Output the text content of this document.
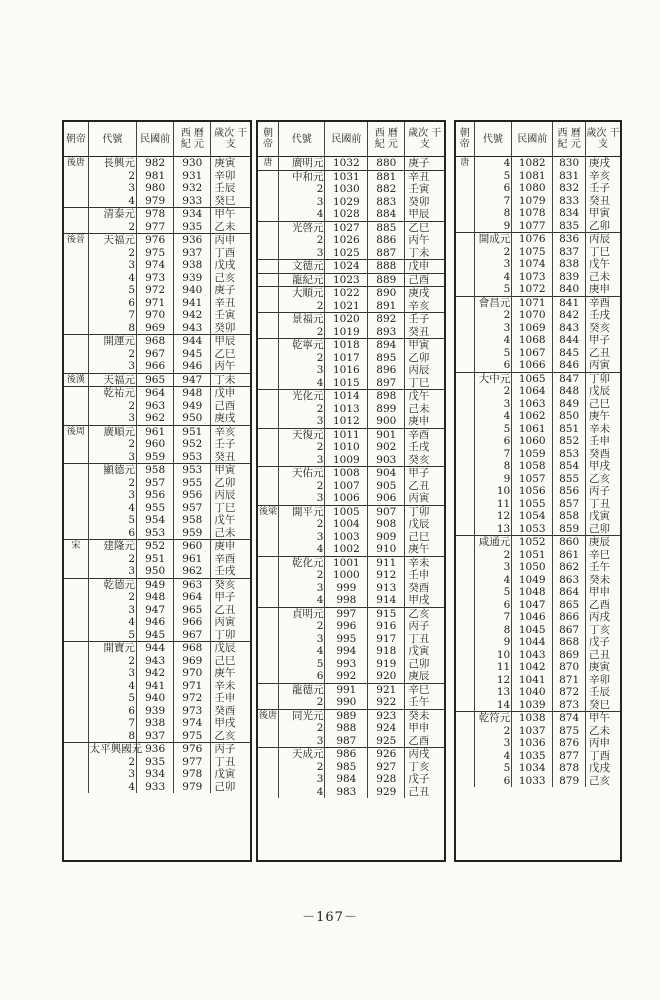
朝帝	代號	民國前	西 曆 紀 元	歲次 干支
後唐	長興元	982	930	庚寅
	2	981	931	辛卯
	3	980	932	壬辰
	4	979	933	癸巳
	清泰元	978	934	甲午
	2	977	935	乙未
後晉	天福元	976	936	丙申
	2	975	937	丁酉
	3	974	938	戊戌
	4	973	939	己亥
	5	972	940	庚子
	6	971	941	辛丑
	7	970	942	壬寅
	8	969	943	癸卯
	開運元	968	944	甲辰
	2	967	945	乙巳
	3	966	946	丙午
後漢	天福元	965	947	丁未
	乾祐元	964	948	戊申
	2	963	949	己酉
	3	962	950	庚戌
後周	廣順元	961	951	辛亥
	2	960	952	壬子
	3	959	953	癸丑
	顯德元	958	953	甲寅
	2	957	955	乙卯
	3	956	956	丙辰
	4	955	957	丁巳
	5	954	958	戊午
	6	953	959	己未
宋	建隆元	952	960	庚申
	2	951	961	辛酉
	3	950	962	壬戌
	乾德元	949	963	癸亥
	2	948	964	甲子
	3	947	965	乙丑
	4	946	966	丙寅
	5	945	967	丁卯
	開寶元	944	968	戊辰
	2	943	969	己巳
	3	942	970	庚午
	4	941	971	辛未
	5	940	972	壬申
	6	939	973	癸酉
	7	938	974	甲戌
	8	937	975	乙亥
	太平興國元	936	976	丙子
	2	935	977	丁丑
	3	934	978	戊寅
	4	933	979	己卯
朝帝	代號	民國前	西 曆 紀 元	歲次 干支
唐	廣明元	1032	880	庚子
	中和元	1031	881	辛丑
	2	1030	882	壬寅
	3	1029	883	癸卯
	4	1028	884	甲辰
	光啓元	1027	885	乙巳
	2	1026	886	丙午
	3	1025	887	丁未
	文德元	1024	888	戊申
	龍紀元	1023	889	己酉
	大順元	1022	890	庚戌
	2	1021	891	辛亥
	景福元	1020	892	壬子
	2	1019	893	癸丑
	乾寧元	1018	894	甲寅
	2	1017	895	乙卯
	3	1016	896	丙辰
	4	1015	897	丁巳
	光化元	1014	898	戊午
	2	1013	899	己未
	3	1012	900	庚申
	天復元	1011	901	辛酉
	2	1010	902	壬戌
	3	1009	903	癸亥
	天佑元	1008	904	甲子
	2	1007	905	乙丑
	3	1006	906	丙寅
後梁	開平元	1005	907	丁卯
	2	1004	908	戊辰
	3	1003	909	己巳
	4	1002	910	庚午
	乾化元	1001	911	辛未
	2	1000	912	壬申
	3	999	913	癸酉
	4	998	914	甲戌
	貞明元	997	915	乙亥
	2	996	916	丙子
	3	995	917	丁丑
	4	994	918	戊寅
	5	993	919	己卯
	6	992	920	庚辰
	龍德元	991	921	辛巳
	2	990	922	壬午
後唐	同光元	989	923	癸未
	2	988	924	甲申
	3	987	925	乙酉
	天成元	986	926	丙戌
	2	985	927	丁亥
	3	984	928	戊子
	4	983	929	己丑
朝帝	代號	民國前	西 曆 紀 元	歲次 干支
唐	4	1082	830	庚戌
	5	1081	831	辛亥
	6	1080	832	壬子
	7	1079	833	癸丑
	8	1078	834	甲寅
	9	1077	835	乙卯
	開成元	1076	836	丙辰
	2	1075	837	丁巳
	3	1074	838	戊午
	4	1073	839	己未
	5	1072	840	庚申
	會昌元	1071	841	辛酉
	2	1070	842	壬戌
	3	1069	843	癸亥
	4	1068	844	甲子
	5	1067	845	乙丑
	6	1066	846	丙寅
	大中元	1065	847	丁卯
	2	1064	848	戊辰
	3	1063	849	己巳
	4	1062	850	庚午
	5	1061	851	辛未
	6	1060	852	壬申
	7	1059	853	癸酉
	8	1058	854	甲戌
	9	1057	855	乙亥
	10	1056	856	丙子
	11	1055	857	丁丑
	12	1054	858	戊寅
	13	1053	859	己卯
	咸通元	1052	860	庚辰
	2	1051	861	辛巳
	3	1050	862	壬午
	4	1049	863	癸未
	5	1048	864	甲申
	6	1047	865	乙酉
	7	1046	866	丙戌
	8	1045	867	丁亥
	9	1044	868	戊子
	10	1043	869	己丑
	11	1042	870	庚寅
	12	1041	871	辛卯
	13	1040	872	壬辰
	14	1039	873	癸巳
	乾符元	1038	874	甲午
	2	1037	875	乙未
	3	1036	876	丙申
	4	1035	877	丁酉
	5	1034	878	戊戌
	6	1033	879	己亥
－167－
